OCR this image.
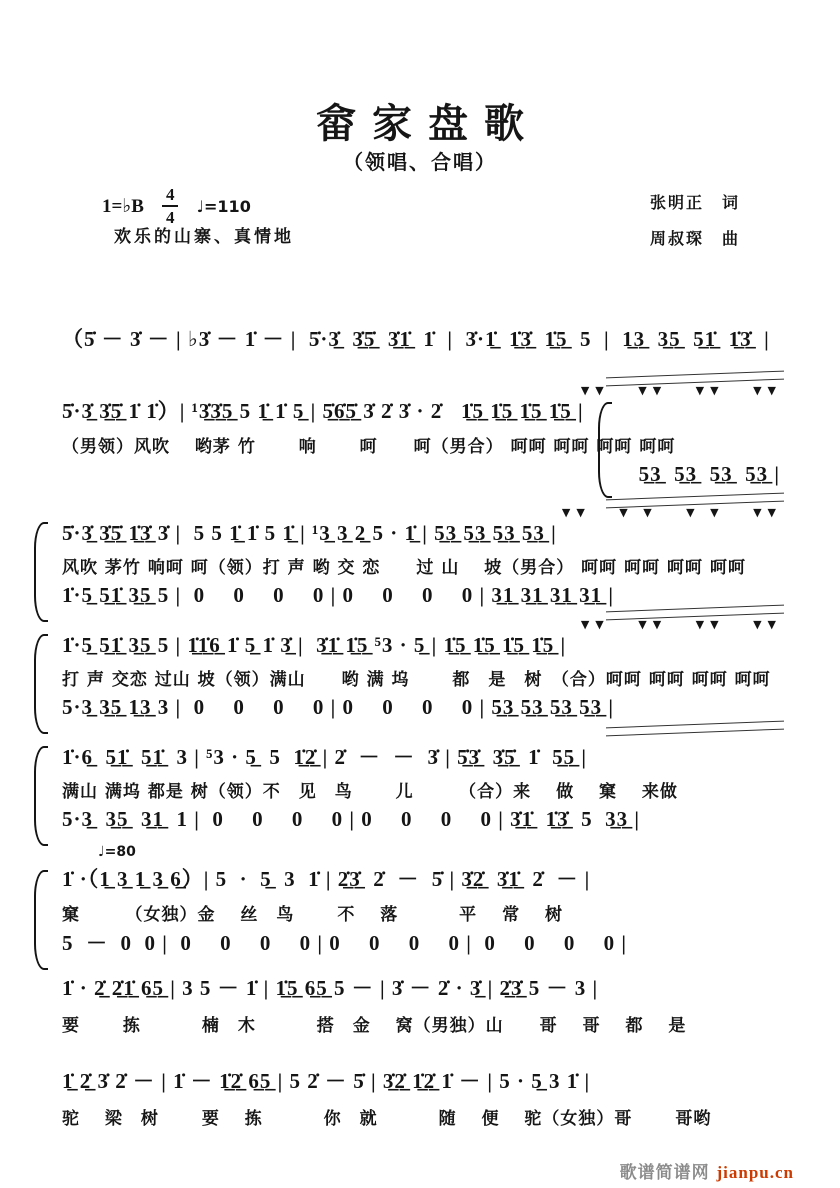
畲家盘歌
（领唱、合唱）
1=♭B $\frac{4}{4}$ ♩=110
欢乐的山寨、真情地
张明正　词
周叔琛　曲
（5̇ － 3̇ － | ♭3̇ － 1̇ － |  5̇·3̲̇  3̲̇5̲̇  3̲̇1̲̇  1̇  |  3̇·1̲̇  1̲̇3̲̇  1̲̇5̲  5  |  1̲3̲  3̲5̲  5̲1̲̇  1̲̇3̲̇  |
▼▼   ▼▼   ▼▼   ▼▼
5̇·3̲̇ 3̲̇5̲̇ 1̇ 1̇）| ¹3̲̇3̲̇5̲ 5 1̲̇ 1̇ 5̲ | 5̲̇6̲̇5̲̇ 3̇ 2̇ 3̇ · 2̇   1̲̇5̲ 1̲̇5̲ 1̲̇5̲ 1̲̇5̲ |
（男领）风吹　 哟茅 竹　　 响　　 呵　　呵（男合） 呵呵 呵呵 呵呵 呵呵
5̲3̲  5̲3̲  5̲3̲  5̲3̲ |
▼▼   ▼ ▼   ▼ ▼   ▼▼
5̇·3̲̇ 3̲̇5̲̇ 1̲̇3̲̇ 3̇ |  5 5 1̲̇ 1̇ 5 1̲̇ | ¹3̲ 3̲ 2̲ 5 · 1̲̇ | 5̲3̲ 5̲3̲ 5̲3̲ 5̲3̲ |
风吹 茅竹 响呵 呵（领）打 声 哟 交 恋　　过 山　 坡（男合） 呵呵 呵呵 呵呵 呵呵
1̇·5̲ 5̲1̲̇ 3̲5̲ 5 |  0　 0　 0　 0 | 0　 0　 0　 0 | 3̲1̲ 3̲1̲ 3̲1̲ 3̲1̲ |
▼▼   ▼▼   ▼▼   ▼▼
1̇·5̲ 5̲1̲̇ 3̲5̲ 5 | 1̲̇1̲̇6̲ 1̇ 5̲ 1̇ 3̲̇ |  3̲̇1̲̇ 1̲̇5̲ ⁵3 · 5̲ | 1̲̇5̲ 1̲̇5̲ 1̲̇5̲ 1̲̇5̲ |
打 声 交恋 过山 坡（领）满山　　哟 满 坞　　 都　是　树　（合）呵呵 呵呵 呵呵 呵呵
5·3̲ 3̲5̲ 1̲3̲ 3 |  0　 0　 0　 0 | 0　 0　 0　 0 | 5̲3̲ 5̲3̲ 5̲3̲ 5̲3̲ |
1̇·6̲  5̲1̲̇  5̲1̲̇  3 | ⁵3 · 5̲  5  1̲̇2̲̇ | 2̇  －  －  3̇ | 5̲̇3̲̇  3̲̇5̲̇  1̇  5̲5̲ |
满山 满坞 都是 树（领）不　见　鸟　　 儿　　　（合）来　 做　 窠　 来做
5·3̲  3̲5̲  3̲1̲  1 |  0　 0　 0　 0 | 0　 0　 0　 0 | 3̲̇1̲̇  1̲̇3̲̇  5  3̲3̲ |
♩=80
1̇ ·（1̲ 3̲ 1̲ 3̲ 6̲）| 5  ·  5̲  3  1̇ | 2̲̇3̲̇  2̇  －  5̇ | 3̲̇2̲̇  3̲̇1̲̇  2̇  － |
窠　　　（女独）金　 丝　鸟　　 不　 落　　　 平　 常　 树
5  －  0  0 |  0　 0　 0　 0 | 0　 0　 0　 0 |  0　 0　 0　 0 |
1̇ · 2̲̇ 2̲̇1̲̇ 6̲5̲ | 3 5 － 1̇ | 1̲̇5̲ 6̲5̲ 5 － | 3̇ － 2̇ · 3̲̇ | 2̲̇3̲̇ 5 － 3 |
要　　 拣　　　 楠　木　　　 搭　金　 窝（男独）山　　哥　 哥　 都　 是
歌谱简谱网 jianpu.cn
1̲̇ 2̲̇ 3̇ 2̇ － | 1̇ － 1̲̇2̲̇ 6̲5̲ | 5 2̇ － 5̇ | 3̲̇2̲̇ 1̲̇2̲̇ 1̇ － | 5 · 5̲ 3 1̇ |
驼　 梁　树　　 要　 拣　　　 你　就　　　 随　 便　 驼（女独）哥　　 哥哟
